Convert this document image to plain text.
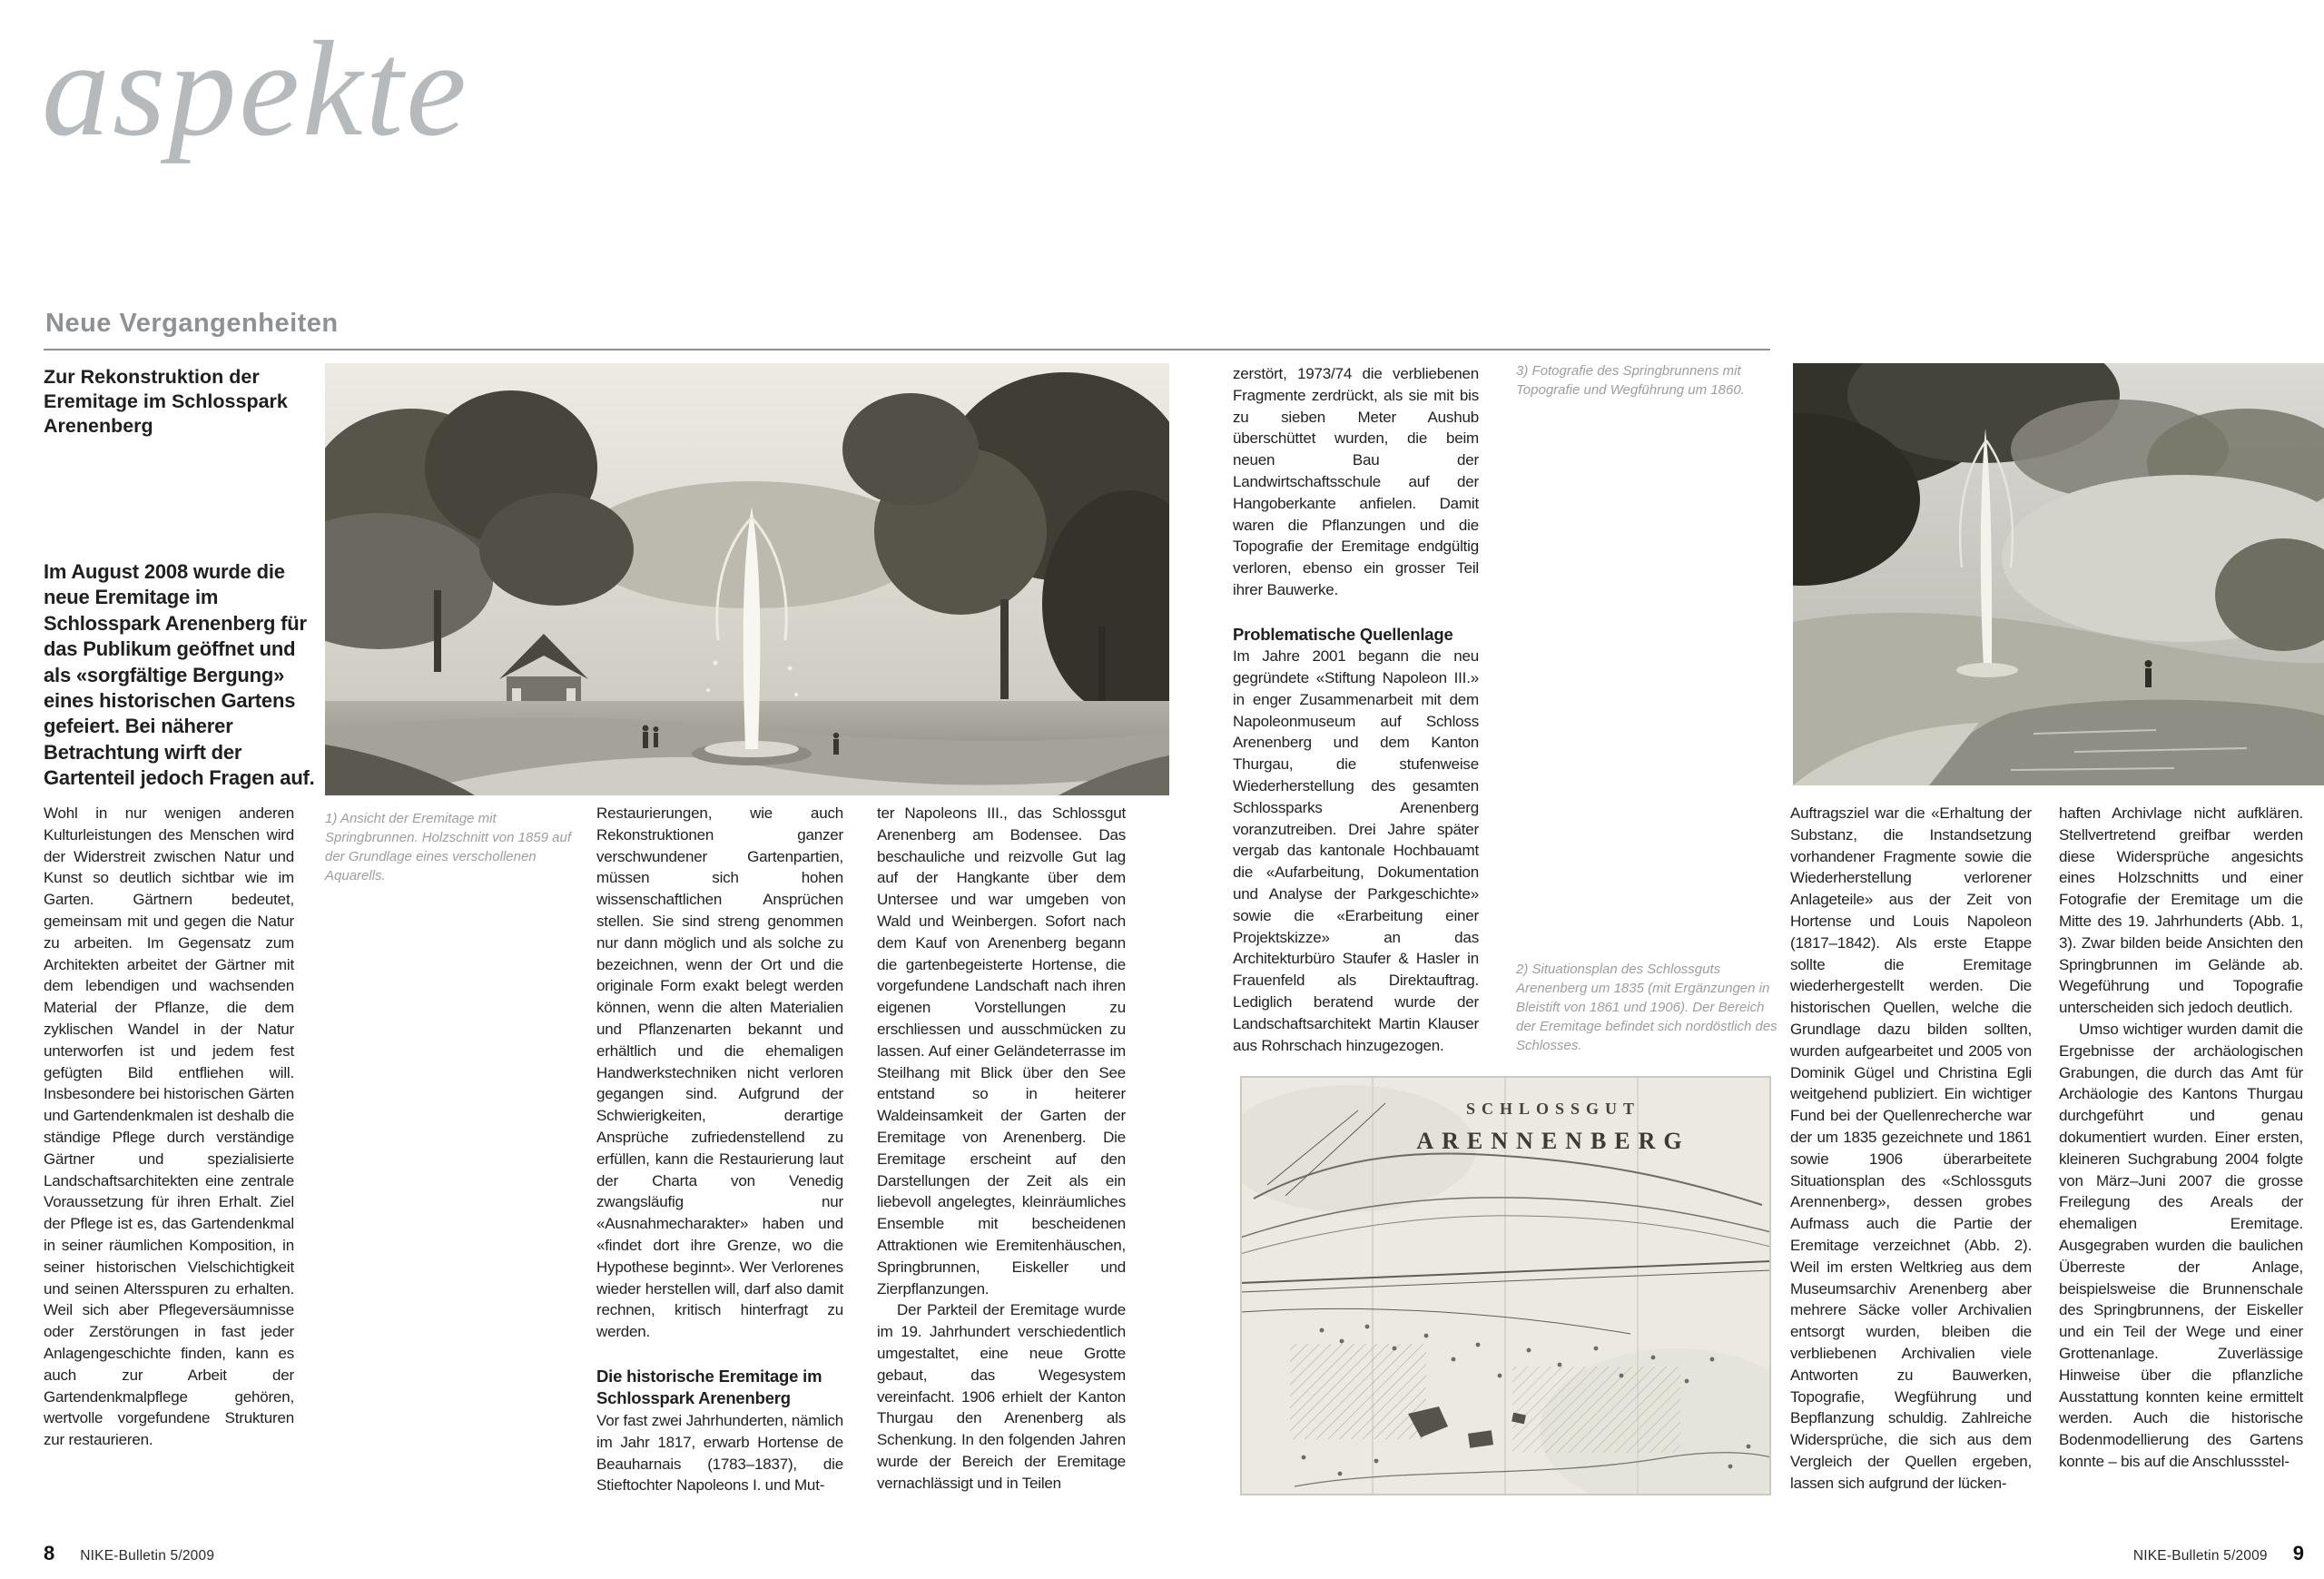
aspekte
Neue Vergangenheiten
Zur Rekonstruktion der Eremitage im Schlosspark Arenenberg
Im August 2008 wurde die neue Eremitage im Schlosspark Arenenberg für das Publikum geöffnet und als «sorgfältige Bergung» eines historischen Gartens gefeiert. Bei näherer Betrachtung wirft der Gartenteil jedoch Fragen auf.
1) Ansicht der Eremitage mit Springbrunnen. Holzschnitt von 1859 auf der Grundlage eines verschollenen Aquarells.

Wohl in nur wenigen anderen Kulturleistungen des Menschen wird der Widerstreit zwischen Natur und Kunst so deutlich sichtbar wie im Garten. Gärtnern bedeutet, gemeinsam mit und gegen die Natur zu arbeiten. Im Gegensatz zum Architekten arbeitet der Gärtner mit dem lebendigen und wachsenden Material der Pflanze, die dem zyklischen Wandel in der Natur unterworfen ist und jedem fest gefügten Bild entfliehen will. Insbesondere bei historischen Gärten und Gartendenkmalen ist deshalb die ständige Pflege durch verständige Gärtner und spezialisierte Landschaftsarchitekten eine zentrale Voraussetzung für ihren Erhalt. Ziel der Pflege ist es, das Gartendenkmal in seiner räumlichen Komposition, in seiner historischen Vielschichtigkeit und seinen Altersspuren zu erhalten. Weil sich aber Pflegeversäumnisse oder Zerstörungen in fast jeder Anlagengeschichte finden, kann es auch zur Arbeit der Gartendenkmalpflege gehören, wertvolle vorgefundene Strukturen zur restaurieren.

Restaurierungen, wie auch Rekonstruktionen ganzer verschwundener Gartenpartien, müssen sich hohen wissenschaftlichen Ansprüchen stellen. Sie sind streng genommen nur dann möglich und als solche zu bezeichnen, wenn der Ort und die originale Form exakt belegt werden können, wenn die alten Materialien und Pflanzenarten bekannt und erhältlich und die ehemaligen Handwerkstechniken nicht verloren gegangen sind. Aufgrund der Schwierigkeiten, derartige Ansprüche zufriedenstellend zu erfüllen, kann die Restaurierung laut der Charta von Venedig zwangsläufig nur «Ausnahmecharakter» haben und «findet dort ihre Grenze, wo die Hypothese beginnt». Wer Verlorenes wieder herstellen will, darf also damit rechnen, kritisch hinterfragt zu werden.

Die historische Eremitage im Schlosspark Arenenberg

Vor fast zwei Jahrhunderten, nämlich im Jahr 1817, erwarb Hortense de Beauharnais (1783–1837), die Stieftochter Napoleons I. und Mut-

ter Napoleons III., das Schlossgut Arenenberg am Bodensee. Das beschauliche und reizvolle Gut lag auf der Hangkante über dem Untersee und war umgeben von Wald und Weinbergen. Sofort nach dem Kauf von Arenenberg begann die gartenbegeisterte Hortense, die vorgefundene Landschaft nach ihren eigenen Vorstellungen zu erschliessen und ausschmücken zu lassen. Auf einer Geländeterrasse im Steilhang mit Blick über den See entstand so in heiterer Waldeinsamkeit der Garten der Eremitage von Arenenberg. Die Eremitage erscheint auf den Darstellungen der Zeit als ein liebevoll angelegtes, kleinräumliches Ensemble mit bescheidenen Attraktionen wie Eremitenhäuschen, Springbrunnen, Eiskeller und Zierpflanzungen.

Der Parkteil der Eremitage wurde im 19. Jahrhundert verschiedentlich umgestaltet, eine neue Grotte gebaut, das Wegesystem vereinfacht. 1906 erhielt der Kanton Thurgau den Arenenberg als Schenkung. In den folgenden Jahren wurde der Bereich der Eremitage vernachlässigt und in Teilen

zerstört, 1973/74 die verbliebenen Fragmente zerdrückt, als sie mit bis zu sieben Meter Aushub überschüttet wurden, die beim neuen Bau der Landwirtschaftsschule auf der Hangoberkante anfielen. Damit waren die Pflanzungen und die Topografie der Eremitage endgültig verloren, ebenso ein grosser Teil ihrer Bauwerke.

Problematische Quellenlage

Im Jahre 2001 begann die neu gegründete «Stiftung Napoleon III.» in enger Zusammenarbeit mit dem Napoleonmuseum auf Schloss Arenenberg und dem Kanton Thurgau, die stufenweise Wiederherstellung des gesamten Schlossparks Arenenberg voranzutreiben. Drei Jahre später vergab das kantonale Hochbauamt die «Aufarbeitung, Dokumentation und Analyse der Parkgeschichte» sowie die «Erarbeitung einer Projektskizze» an das Architekturbüro Staufer & Hasler in Frauenfeld als Direktauftrag. Lediglich beratend wurde der Landschaftsarchitekt Martin Klauser aus Rohrschach hinzugezogen.

3) Fotografie des Springbrunnens mit Topografie und Wegführung um 1860.
2) Situationsplan des Schlossguts Arenenberg um 1835 (mit Ergänzungen in Bleistift von 1861 und 1906). Der Bereich der Eremitage befindet sich nordöstlich des Schlosses.
SCHLOSSGUT
ARENNENBERG

Auftragsziel war die «Erhaltung der Substanz, die Instandsetzung vorhandener Fragmente sowie die Wiederherstellung verlorener Anlageteile» aus der Zeit von Hortense und Louis Napoleon (1817–1842). Als erste Etappe sollte die Eremitage wiederhergestellt werden. Die historischen Quellen, welche die Grundlage dazu bilden sollten, wurden aufgearbeitet und 2005 von Dominik Gügel und Christina Egli weitgehend publiziert. Ein wichtiger Fund bei der Quellenrecherche war der um 1835 gezeichnete und 1861 sowie 1906 überarbeitete Situationsplan des «Schlossguts Arennenberg», dessen grobes Aufmass auch die Partie der Eremitage verzeichnet (Abb. 2). Weil im ersten Weltkrieg aus dem Museumsarchiv Arenenberg aber mehrere Säcke voller Archivalien entsorgt wurden, bleiben die verbliebenen Archivalien viele Antworten zu Bauwerken, Topografie, Wegführung und Bepflanzung schuldig. Zahlreiche Widersprüche, die sich aus dem Vergleich der Quellen ergeben, lassen sich aufgrund der lücken-

haften Archivlage nicht aufklären. Stellvertretend greifbar werden diese Widersprüche angesichts eines Holzschnitts und einer Fotografie der Eremitage um die Mitte des 19. Jahrhunderts (Abb. 1, 3). Zwar bilden beide Ansichten den Springbrunnen im Gelände ab. Wegeführung und Topografie unterscheiden sich jedoch deutlich.

Umso wichtiger wurden damit die Ergebnisse der archäologischen Grabungen, die durch das Amt für Archäologie des Kantons Thurgau durchgeführt und genau dokumentiert wurden. Einer ersten, kleineren Suchgrabung 2004 folgte von März–Juni 2007 die grosse Freilegung des Areals der ehemaligen Eremitage. Ausgegraben wurden die baulichen Überreste der Anlage, beispielsweise die Brunnenschale des Springbrunnens, der Eiskeller und ein Teil der Wege und einer Grottenanlage. Zuverlässige Hinweise über die pflanzliche Ausstattung konnten keine ermittelt werden. Auch die historische Bodenmodellierung des Gartens konnte – bis auf die Anschlussstel-

8 NIKE-Bulletin 5/2009	NIKE-Bulletin 5/2009 9
